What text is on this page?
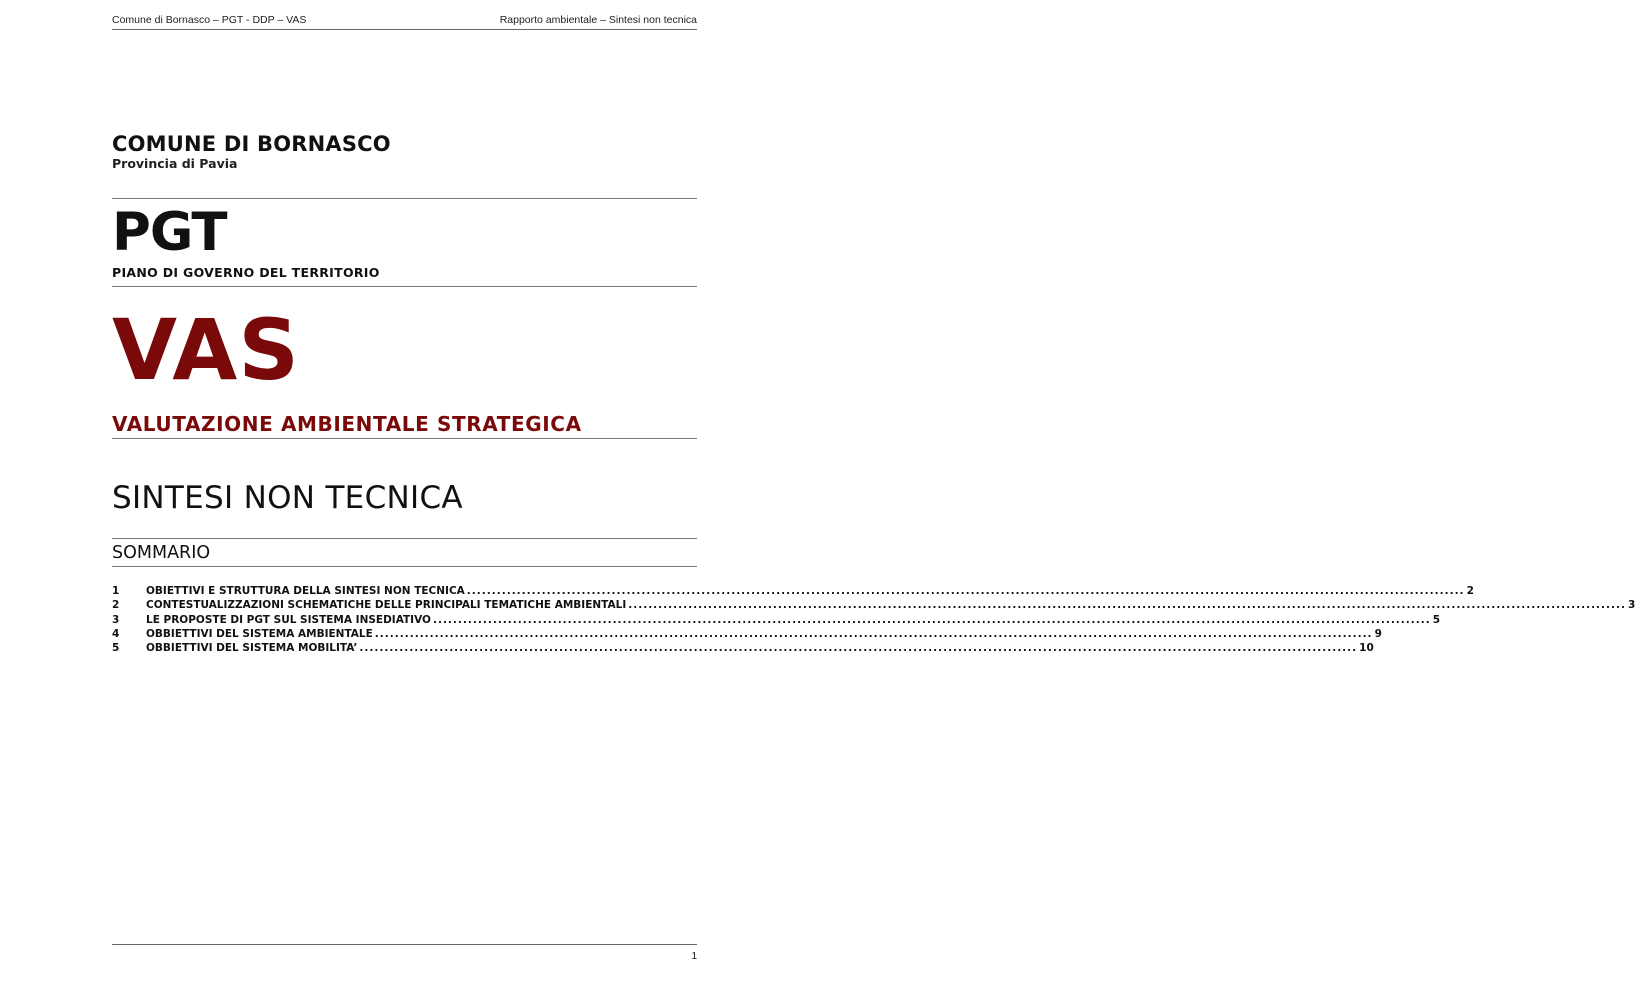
Comune di Bornasco – PGT - DDP – VAS	Rapporto ambientale – Sintesi non tecnica
COMUNE DI BORNASCO
Provincia di Pavia
PGT
PIANO DI GOVERNO DEL TERRITORIO
VAS
VALUTAZIONE AMBIENTALE STRATEGICA
SINTESI NON TECNICA
SOMMARIO
1	OBIETTIVI E STRUTTURA DELLA SINTESI NON TECNICA ........................................................................................................................................................................................................ 2
2	CONTESTUALIZZAZIONI SCHEMATICHE DELLE PRINCIPALI TEMATICHE AMBIENTALI ........................................................................................................................................................................................................ 3
3	LE PROPOSTE DI PGT SUL SISTEMA INSEDIATIVO ........................................................................................................................................................................................................ 5
4	OBBIETTIVI DEL SISTEMA AMBIENTALE ........................................................................................................................................................................................................ 9
5	OBBIETTIVI DEL SISTEMA MOBILITA’ ........................................................................................................................................................................................................ 10
1
